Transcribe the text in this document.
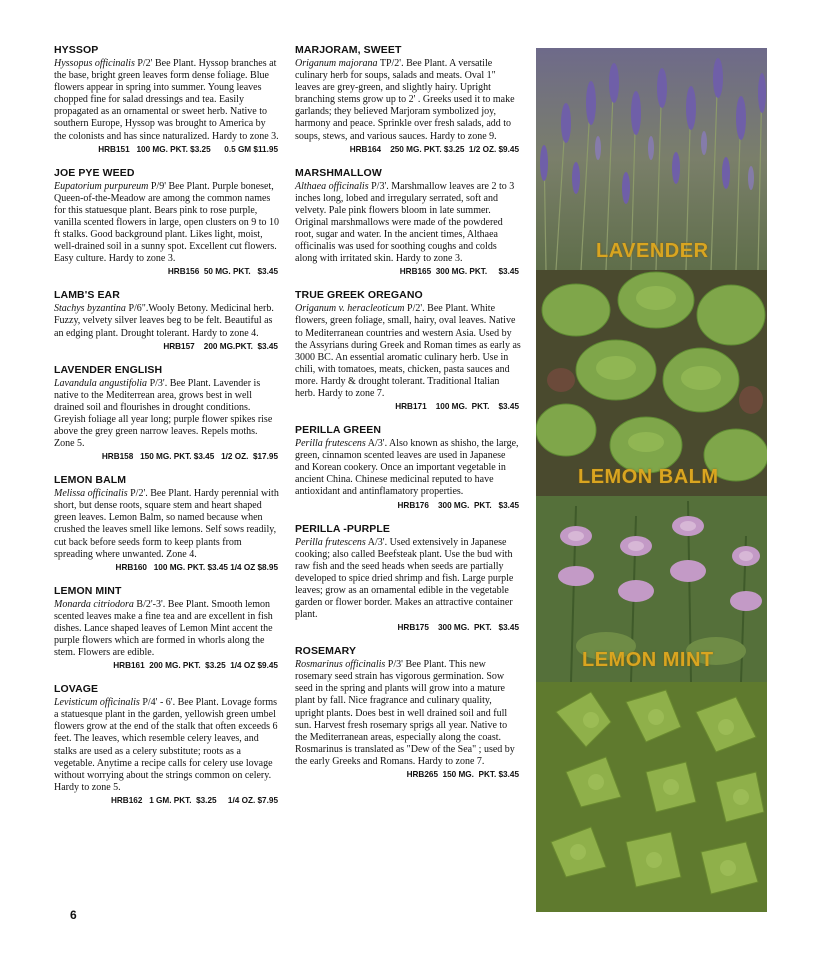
HYSSOP

Hyssopus officinalis P/2' Bee Plant. Hyssop branches at the base, bright green leaves form dense foliage. Blue flowers appear in spring into summer. Young leaves chopped fine for salad dressings and tea. Easily propagated as an ornamental or sweet herb. Native to southern Europe, Hyssop was brought to America by the colonists and has since naturalized. Hardy to zone 3.

HRB151   100 MG. PKT. $3.25      0.5 GM $11.95
JOE PYE WEED

Eupatorium purpureum P/9' Bee Plant. Purple boneset, Queen-of-the-Meadow are among the common names for this statuesque plant. Bears pink to rose purple, vanilla scented flowers in large, open clusters on 9 to 10 ft stalks. Good background plant. Likes light, moist, well-drained soil in a sunny spot. Excellent cut flowers. Easy culture. Hardy to zone 3.

HRB156  50 MG. PKT.   $3.45
LAMB'S EAR

Stachys byzantina P/6".Wooly Betony. Medicinal herb. Fuzzy, velvety silver leaves beg to be felt. Beautiful as an edging plant. Drought tolerant. Hardy to zone 4.

HRB157    200 MG.PKT.  $3.45
LAVENDER ENGLISH

Lavandula angustifolia P/3'. Bee Plant. Lavender is native to the Mediterrean area, grows best in well drained soil and flourishes in drought conditions. Greyish foliage all year long; purple flower spikes rise above the grey green narrow leaves. Repels moths. Zone 5.

HRB158   150 MG. PKT. $3.45   1/2 OZ.  $17.95
LEMON BALM

Melissa officinalis P/2'. Bee Plant. Hardy perennial with short, but dense roots, square stem and heart shaped green leaves. Lemon Balm, so named because when crushed the leaves smell like lemons. Self sows readily, cut back before seeds form to keep plants from spreading where unwanted. Zone 4.

HRB160   100 MG. PKT. $3.45 1/4 OZ $8.95
LEMON MINT

Monarda citriodora B/2'-3'. Bee Plant. Smooth lemon scented leaves make a fine tea and are excellent in fish dishes. Lance shaped leaves of Lemon Mint accent the purple flowers which are formed in whorls along the stem. Flowers are edible.

HRB161  200 MG. PKT.  $3.25  1/4 OZ $9.45
LOVAGE

Levisticum officinalis P/4' - 6'. Bee Plant. Lovage forms a statuesque plant in the garden, yellowish green umbel flowers grow at the end of the stalk that often exceeds 6 feet. The leaves, which resemble celery leaves, and stalks are used as a celery substitute; roots as a vegetable. Anytime a recipe calls for celery use lovage without worrying about the strings common on celery. Hardy to zone 5.

HRB162   1 GM. PKT.  $3.25     1/4 OZ. $7.95
MARJORAM, SWEET

Origanum majorana TP/2'. Bee Plant. A versatile culinary herb for soups, salads and meats. Oval 1" leaves are grey-green, and slightly hairy. Upright branching stems grow up to 2' . Greeks used it to make garlands; they believed Marjoram symbolized joy, harmony and peace. Sprinkle over fresh salads, add to soups, stews, and various sauces. Hardy to zone 9.

HRB164    250 MG. PKT. $3.25  1/2 OZ. $9.45
MARSHMALLOW

Althaea officinalis P/3'. Marshmallow leaves are 2 to 3 inches long, lobed and irregulary serrated, soft and velvety. Pale pink flowers bloom in late summer. Original marshmallows were made of the powdered root, sugar and water. In the ancient times, Althaea officinalis was used for soothing coughs and colds along with irritated skin. Hardy to zone 3.

HRB165  300 MG. PKT.     $3.45
TRUE GREEK OREGANO

Origanum v. heracleoticum P/2'. Bee Plant. White flowers, green foliage, small, hairy, oval leaves. Native to Mediterranean countries and western Asia. Used by the Assyrians during Greek and Roman times as early as 3000 BC. An essential aromatic culinary herb. Use in chili, with tomatoes, meats, chicken, pasta sauces and more. Hardy & drought tolerant. Traditional Italian herb. Hardy to zone 7.

HRB171    100 MG.  PKT.    $3.45
PERILLA GREEN

Perilla frutescens A/3'. Also known as shisho, the large, green, cinnamon scented leaves are used in Japanese and Korean cookery. Once an important vegetable in ancient China. Chinese medicinal reputed to have antioxidant and antinflamatory properties.

HRB176    300 MG.  PKT.   $3.45
PERILLA -PURPLE

Perilla frutescens A/3'. Used extensively in Japanese cooking; also called Beefsteak plant. Use the bud with raw fish and the seed heads when seeds are partially developed to spice dried shrimp and fish. Large purple leaves; grow as an ornamental edible in the vegetable garden or flower border. Makes an attractive container plant.

HRB175    300 MG.  PKT.   $3.45
ROSEMARY

Rosmarinus officinalis P/3' Bee Plant. This new rosemary seed strain has vigorous germination. Sow seed in the spring and plants will grow into a mature plant by fall. Nice fragrance and culinary quality, upright plants. Does best in well drained soil and full sun. Harvest fresh rosemary sprigs all year. Native to the Mediterranean areas, especially along the coast. Rosmarinus is translated as "Dew of the Sea" ; used by the early Greeks and Romans. Hardy to zone 7.

HRB265  150 MG.  PKT. $3.45
LAVENDER
LEMON BALM
LEMON MINT
6
